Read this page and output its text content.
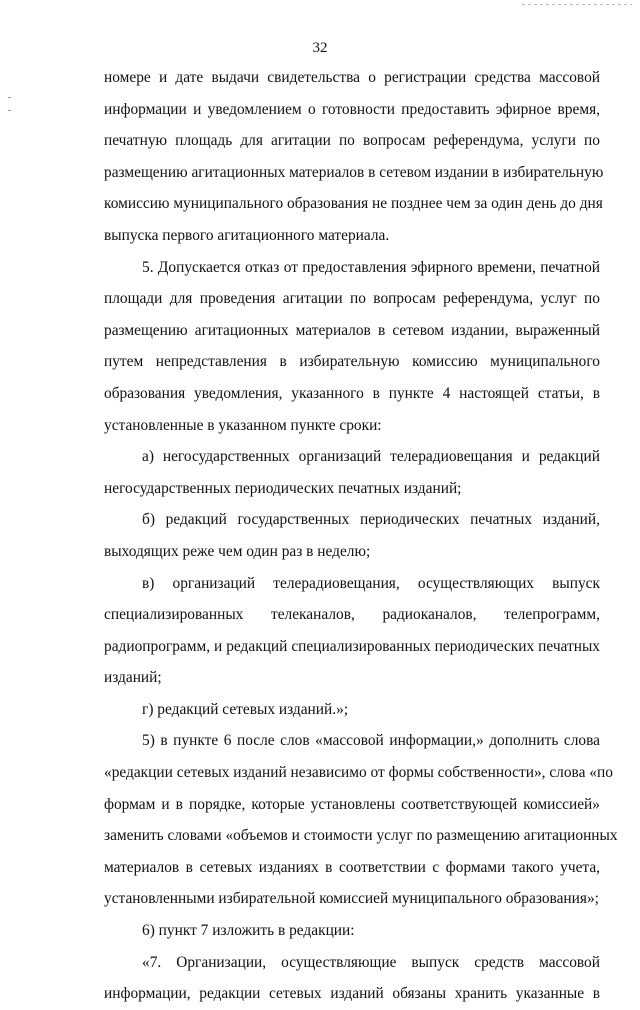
32
номере и дате выдачи свидетельства о регистрации средства массовой
информации и уведомлением о готовности предоставить эфирное время,
печатную площадь для агитации по вопросам референдума, услуги по
размещению агитационных материалов в сетевом издании в избирательную
комиссию муниципального образования не позднее чем за один день до дня
выпуска первого агитационного материала.
5. Допускается отказ от предоставления эфирного времени, печатной
площади для проведения агитации по вопросам референдума, услуг по
размещению агитационных материалов в сетевом издании, выраженный
путем непредставления в избирательную комиссию муниципального
образования уведомления, указанного в пункте 4 настоящей статьи, в
установленные в указанном пункте сроки:
а) негосударственных организаций телерадиовещания и редакций
негосударственных периодических печатных изданий;
б) редакций государственных периодических печатных изданий,
выходящих реже чем один раз в неделю;
в) организаций телерадиовещания, осуществляющих выпуск
специализированных телеканалов, радиоканалов, телепрограмм,
радиопрограмм, и редакций специализированных периодических печатных
изданий;
г) редакций сетевых изданий.»;
5) в пункте 6 после слов «массовой информации,» дополнить слова
«редакции сетевых изданий независимо от формы собственности», слова «по
формам и в порядке, которые установлены соответствующей комиссией»
заменить словами «объемов и стоимости услуг по размещению агитационных
материалов в сетевых изданиях в соответствии с формами такого учета,
установленными избирательной комиссией муниципального образования»;
6) пункт 7 изложить в редакции:
«7. Организации, осуществляющие выпуск средств массовой
информации, редакции сетевых изданий обязаны хранить указанные в
